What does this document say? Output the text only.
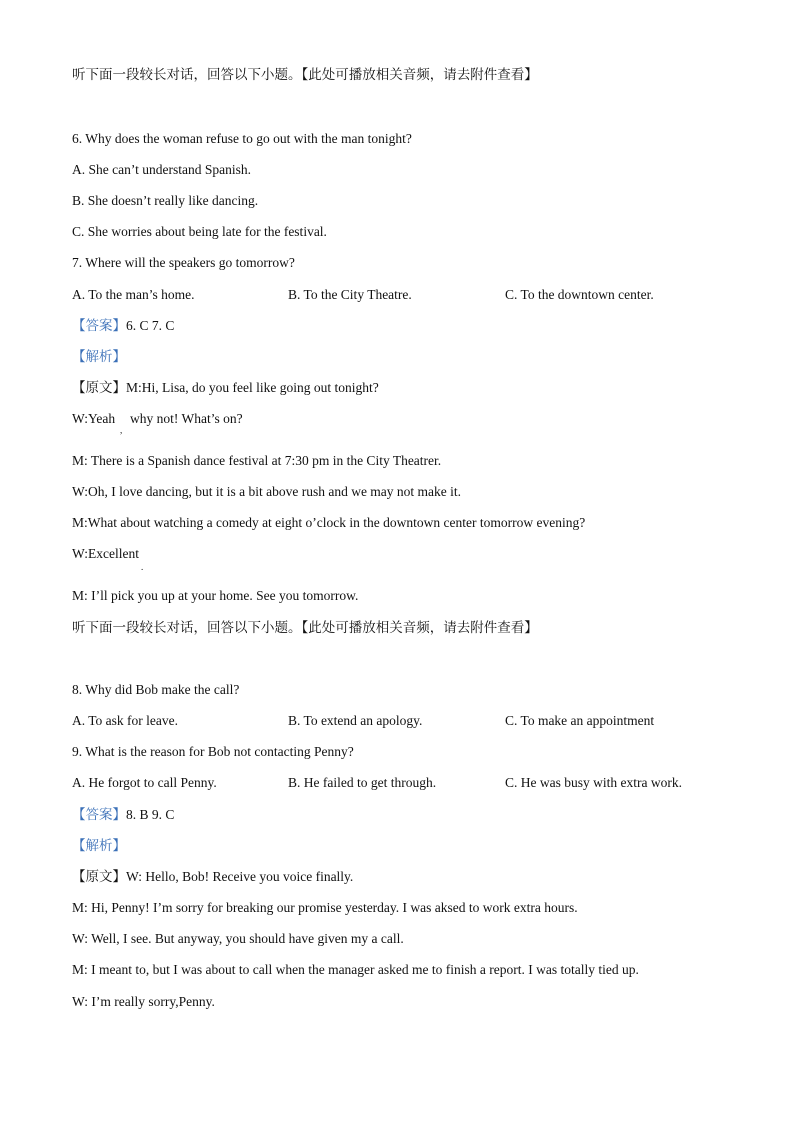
听下面一段较长对话，回答以下小题。【此处可播放相关音频，请去附件查看】
6. Why does the woman refuse to go out with the man tonight?
A. She can’t understand Spanish.
B. She doesn’t really like dancing.
C. She worries about being late for the festival.
7. Where will the speakers go tomorrow?
A. To the man’s home.	B. To the City Theatre.	C. To the downtown center.
【答案】6. C 7. C
【解析】
【原文】M:Hi, Lisa, do you feel like going out tonight?
W:Yeah
,
why not! What’s on?
M: There is a Spanish dance festival at 7:30 pm in the City Theatrer.
W:Oh, I love dancing, but it is a bit above rush and we may not make it.
M:What about watching a comedy at eight o’clock in the downtown center tomorrow evening?
W:Excellent
.
M: I’ll pick you up at your home. See you tomorrow.
听下面一段较长对话，回答以下小题。【此处可播放相关音频，请去附件查看】
8. Why did Bob make the call?
A. To ask for leave.	B. To extend an apology.	C. To make an appointment
9. What is the reason for Bob not contacting Penny?
A. He forgot to call Penny.	B. He failed to get through.	C. He was busy with extra work.
【答案】8. B 9. C
【解析】
【原文】W: Hello, Bob! Receive you voice finally.
M: Hi, Penny! I’m sorry for breaking our promise yesterday. I was aksed to work extra hours.
W: Well, I see. But anyway, you should have given my a call.
M: I meant to, but I was about to call when the manager asked me to finish a report. I was totally tied up.
W: I’m really sorry,Penny.
